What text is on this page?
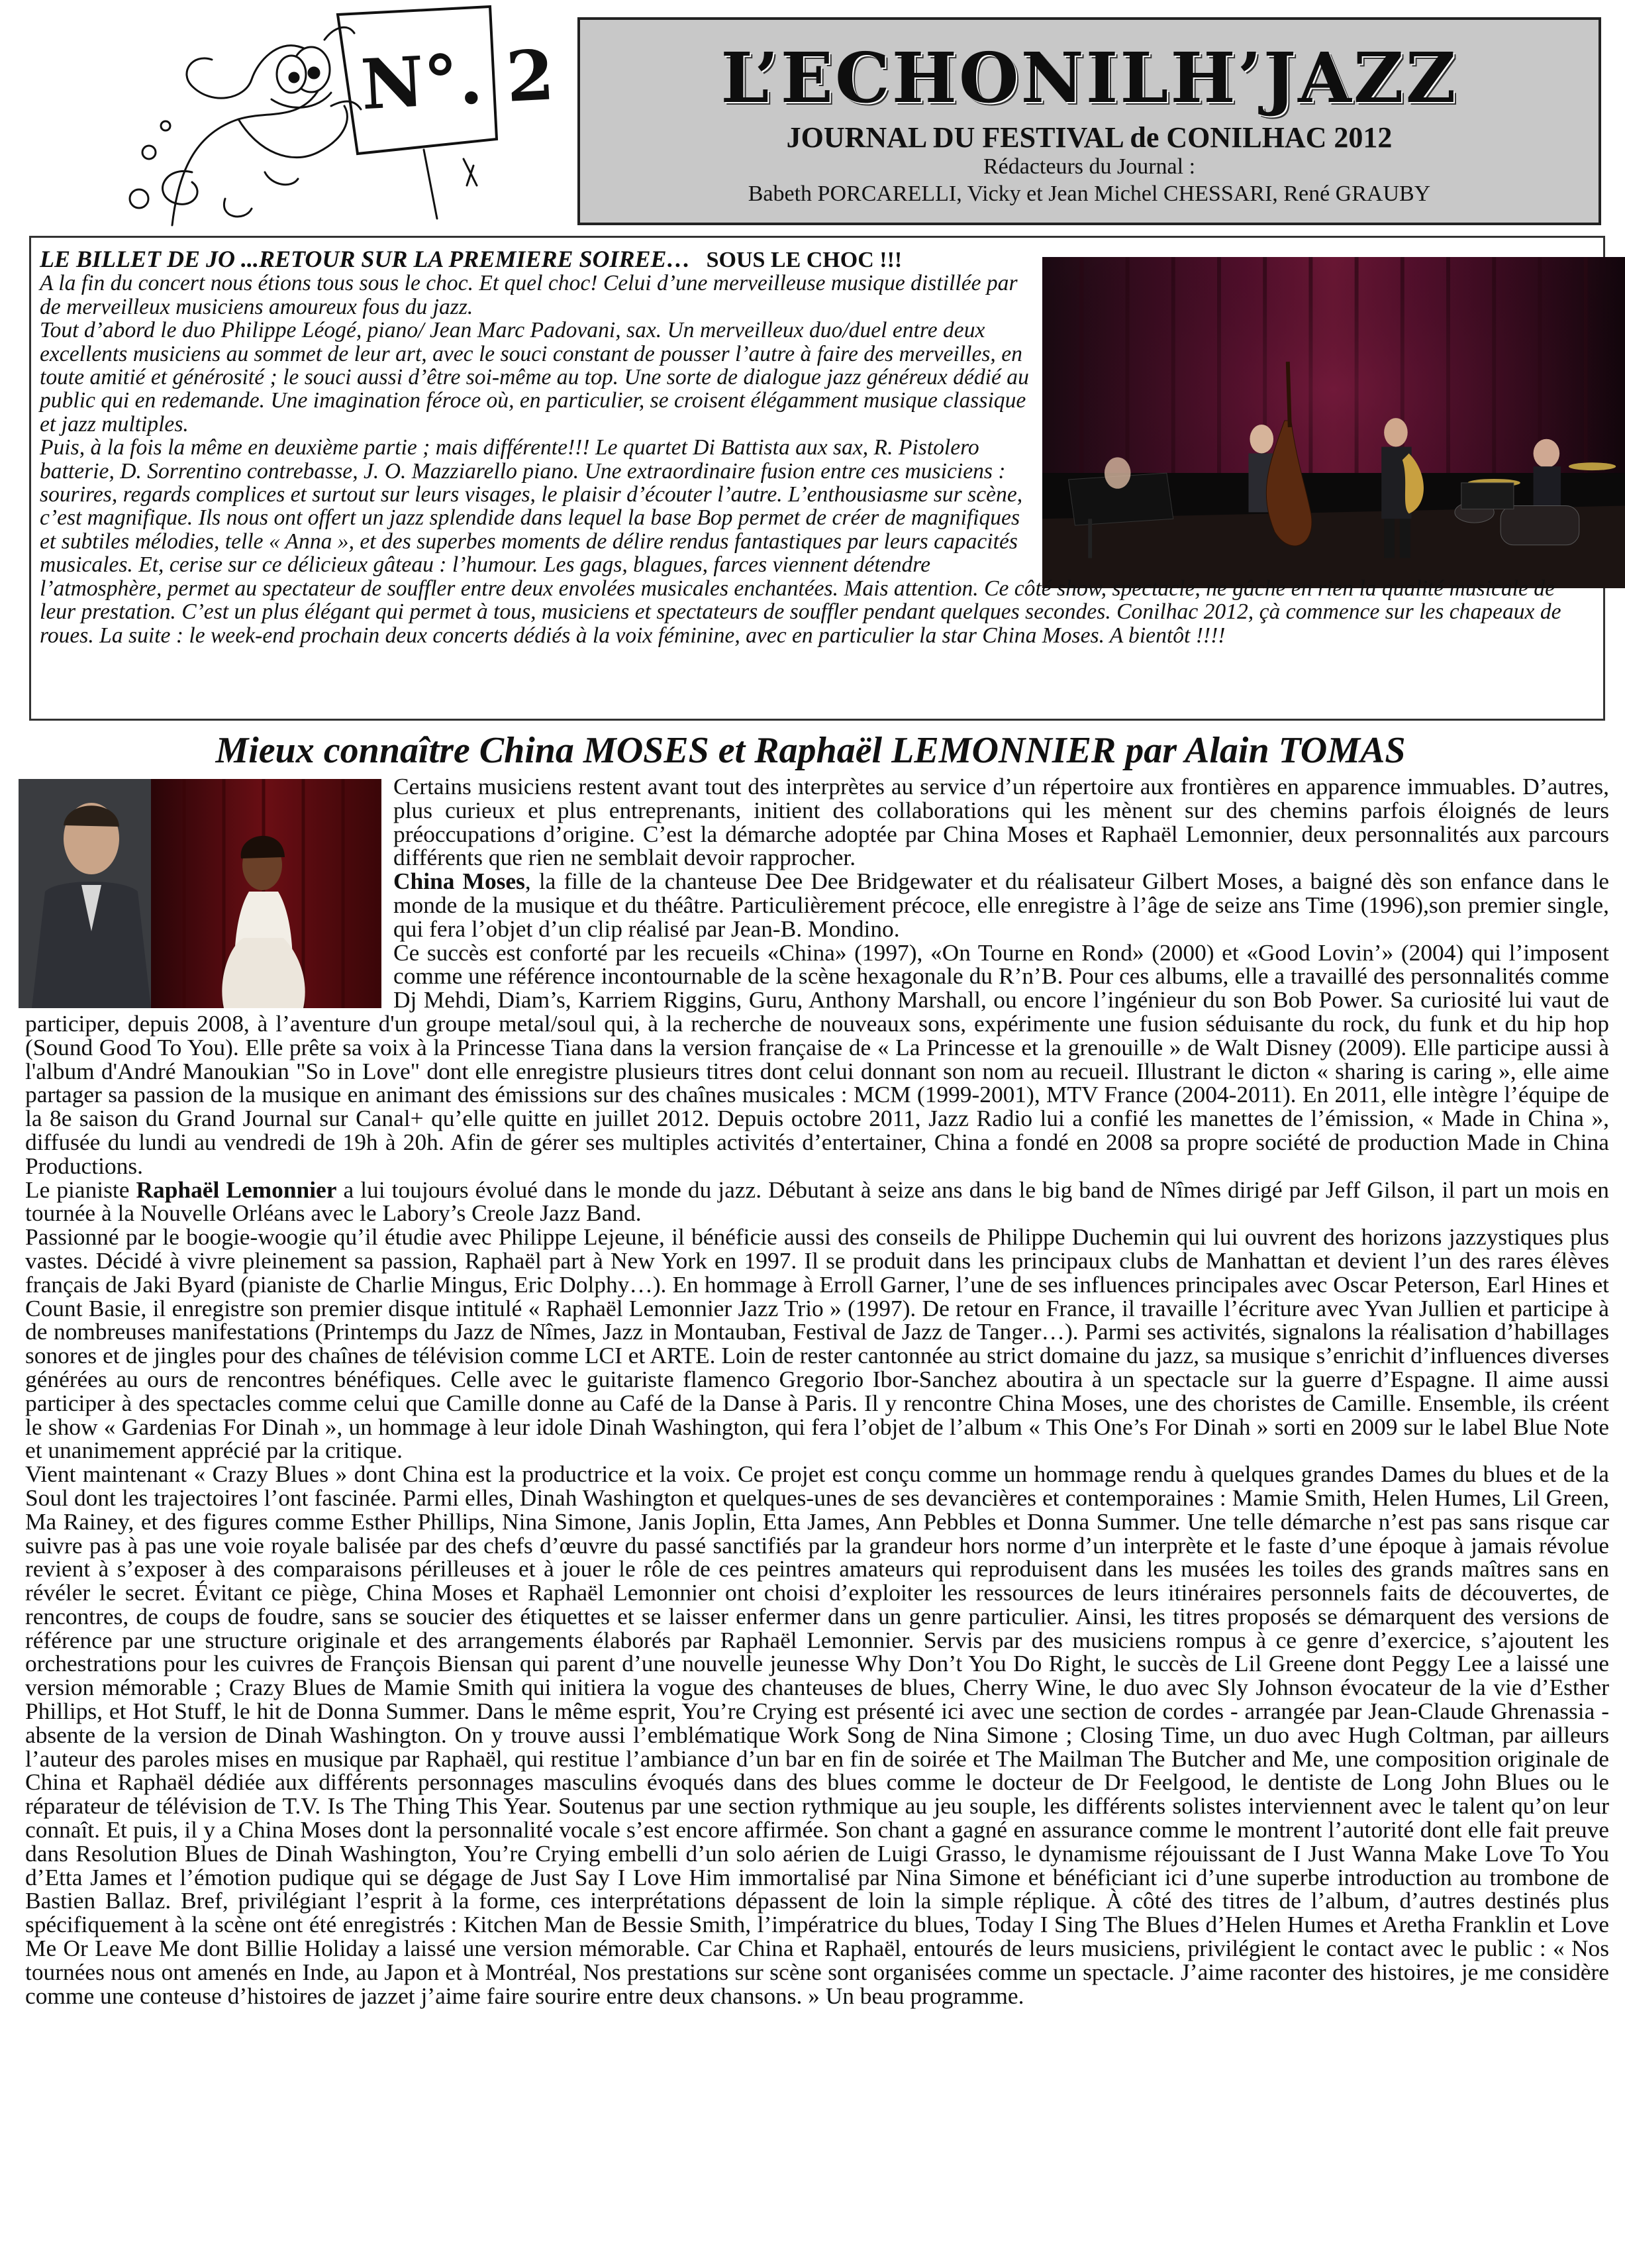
N°. 2	L’ECHONILH’JAZZ
JOURNAL DU FESTIVAL de CONILHAC 2012
Rédacteurs du Journal :
Babeth PORCARELLI, Vicky et Jean Michel CHESSARI, René GRAUBY

LE BILLET DE JO ...RETOUR SUR LA PREMIERE SOIREE… SOUS LE CHOC !!!

A la fin du concert nous étions tous sous le choc. Et quel choc! Celui d’une merveilleuse musique distillée par de merveilleux musiciens amoureux fous du jazz.

Tout d’abord le duo Philippe Léogé, piano/ Jean Marc Padovani, sax. Un merveilleux duo/duel entre deux excellents musiciens au sommet de leur art, avec le souci constant de pousser l’autre à faire des merveilles, en toute amitié et générosité ; le souci aussi d’être soi-même au top. Une sorte de dialogue jazz généreux dédié au public qui en redemande. Une imagination féroce où, en particulier, se croisent élégamment musique classique et jazz multiples.

Puis, à la fois la même en deuxième partie ; mais différente!!! Le quartet Di Battista aux sax, R. Pistolero batterie, D. Sorrentino contrebasse, J. O. Mazziarello piano. Une extraordinaire fusion entre ces musiciens : sourires, regards complices et surtout sur leurs visages, le plaisir d’écouter l’autre. L’enthousiasme sur scène, c’est magnifique. Ils nous ont offert un jazz splendide dans lequel la base Bop permet de créer de magnifiques et subtiles mélodies, telle « Anna », et des superbes moments de délire rendus fantastiques par leurs capacités musicales. Et, cerise sur ce délicieux gâteau : l’humour. Les gags, blagues, farces viennent détendre l’atmosphère, permet au spectateur de souffler entre deux envolées musicales enchantées. Mais attention. Ce côté show, spectacle, ne gâche en rien la qualité musicale de leur prestation. C’est un plus élégant qui permet à tous, musiciens et spectateurs de souffler pendant quelques secondes. Conilhac 2012, çà commence sur les chapeaux de roues. La suite : le week-end prochain deux concerts dédiés à la voix féminine, avec en particulier la star China Moses. A bientôt !!!!

Mieux connaître China MOSES et Raphaël LEMONNIER par Alain TOMAS

Certains musiciens restent avant tout des interprètes au service d’un répertoire aux frontières en apparence immuables. D’autres, plus curieux et plus entreprenants, initient des collaborations qui les mènent sur des chemins parfois éloignés de leurs préoccupations d’origine. C’est la démarche adoptée par China Moses et Raphaël Lemonnier, deux personnalités aux parcours différents que rien ne semblait devoir rapprocher.

China Moses, la fille de la chanteuse Dee Dee Bridgewater et du réalisateur Gilbert Moses, a baigné dès son enfance dans le monde de la musique et du théâtre. Particulièrement précoce, elle enregistre à l’âge de seize ans Time (1996),son premier single, qui fera l’objet d’un clip réalisé par Jean-B. Mondino.

Ce succès est conforté par les recueils «China» (1997), «On Tourne en Rond» (2000) et «Good Lovin’» (2004) qui l’imposent comme une référence incontournable de la scène hexagonale du R’n’B. Pour ces albums, elle a travaillé des personnalités comme Dj Mehdi, Diam’s, Karriem Riggins, Guru, Anthony Marshall, ou encore l’ingénieur du son Bob Power. Sa curiosité lui vaut de participer, depuis 2008, à l’aventure d'un groupe metal/soul qui, à la recherche de nouveaux sons, expérimente une fusion séduisante du rock, du funk et du hip hop (Sound Good To You). Elle prête sa voix à la Princesse Tiana dans la version française de « La Princesse et la grenouille » de Walt Disney (2009). Elle participe aussi à l'album d'André Manoukian "So in Love" dont elle enregistre plusieurs titres dont celui donnant son nom au recueil. Illustrant le dicton « sharing is caring », elle aime partager sa passion de la musique en animant des émissions sur des chaînes musicales : MCM (1999-2001), MTV France (2004-2011). En 2011, elle intègre l’équipe de la 8e saison du Grand Journal sur Canal+ qu’elle quitte en juillet 2012. Depuis octobre 2011, Jazz Radio lui a confié les manettes de l’émission, « Made in China », diffusée du lundi au vendredi de 19h à 20h. Afin de gérer ses multiples activités d’entertainer, China a fondé en 2008 sa propre société de production Made in China Productions.

Le pianiste Raphaël Lemonnier a lui toujours évolué dans le monde du jazz. Débutant à seize ans dans le big band de Nîmes dirigé par Jeff Gilson, il part un mois en tournée à la Nouvelle Orléans avec le Labory’s Creole Jazz Band.

Passionné par le boogie-woogie qu’il étudie avec Philippe Lejeune, il bénéficie aussi des conseils de Philippe Duchemin qui lui ouvrent des horizons jazzystiques plus vastes. Décidé à vivre pleinement sa passion, Raphaël part à New York en 1997. Il se produit dans les principaux clubs de Manhattan et devient l’un des rares élèves français de Jaki Byard (pianiste de Charlie Mingus, Eric Dolphy…). En hommage à Erroll Garner, l’une de ses influences principales avec Oscar Peterson, Earl Hines et Count Basie, il enregistre son premier disque intitulé « Raphaël Lemonnier Jazz Trio » (1997). De retour en France, il travaille l’écriture avec Yvan Jullien et participe à de nombreuses manifestations (Printemps du Jazz de Nîmes, Jazz in Montauban, Festival de Jazz de Tanger…). Parmi ses activités, signalons la réalisation d’habillages sonores et de jingles pour des chaînes de télévision comme LCI et ARTE. Loin de rester cantonnée au strict domaine du jazz, sa musique s’enrichit d’influences diverses générées au ours de rencontres bénéfiques. Celle avec le guitariste flamenco Gregorio Ibor-Sanchez aboutira à un spectacle sur la guerre d’Espagne. Il aime aussi participer à des spectacles comme celui que Camille donne au Café de la Danse à Paris. Il y rencontre China Moses, une des choristes de Camille. Ensemble, ils créent le show « Gardenias For Dinah », un hommage à leur idole Dinah Washington, qui fera l’objet de l’album « This One’s For Dinah » sorti en 2009 sur le label Blue Note et unanimement apprécié par la critique.

Vient maintenant « Crazy Blues » dont China est la productrice et la voix. Ce projet est conçu comme un hommage rendu à quelques grandes Dames du blues et de la Soul dont les trajectoires l’ont fascinée. Parmi elles, Dinah Washington et quelques-unes de ses devancières et contemporaines : Mamie Smith, Helen Humes, Lil Green, Ma Rainey, et des figures comme Esther Phillips, Nina Simone, Janis Joplin, Etta James, Ann Pebbles et Donna Summer. Une telle démarche n’est pas sans risque car suivre pas à pas une voie royale balisée par des chefs d’œuvre du passé sanctifiés par la grandeur hors norme d’un interprète et le faste d’une époque à jamais révolue revient à s’exposer à des comparaisons périlleuses et à jouer le rôle de ces peintres amateurs qui reproduisent dans les musées les toiles des grands maîtres sans en révéler le secret. Évitant ce piège, China Moses et Raphaël Lemonnier ont choisi d’exploiter les ressources de leurs itinéraires personnels faits de découvertes, de rencontres, de coups de foudre, sans se soucier des étiquettes et se laisser enfermer dans un genre particulier. Ainsi, les titres proposés se démarquent des versions de référence par une structure originale et des arrangements élaborés par Raphaël Lemonnier. Servis par des musiciens rompus à ce genre d’exercice, s’ajoutent les orchestrations pour les cuivres de François Biensan qui parent d’une nouvelle jeunesse Why Don’t You Do Right, le succès de Lil Greene dont Peggy Lee a laissé une version mémorable ; Crazy Blues de Mamie Smith qui initiera la vogue des chanteuses de blues, Cherry Wine, le duo avec Sly Johnson évocateur de la vie d’Esther Phillips, et Hot Stuff, le hit de Donna Summer. Dans le même esprit, You’re Crying est présenté ici avec une section de cordes - arrangée par Jean-Claude Ghrenassia - absente de la version de Dinah Washington. On y trouve aussi l’emblématique Work Song de Nina Simone ; Closing Time, un duo avec Hugh Coltman, par ailleurs l’auteur des paroles mises en musique par Raphaël, qui restitue l’ambiance d’un bar en fin de soirée et The Mailman The Butcher and Me, une composition originale de China et Raphaël dédiée aux différents personnages masculins évoqués dans des blues comme le docteur de Dr Feelgood, le dentiste de Long John Blues ou le réparateur de télévision de T.V. Is The Thing This Year. Soutenus par une section rythmique au jeu souple, les différents solistes interviennent avec le talent qu’on leur connaît. Et puis, il y a China Moses dont la personnalité vocale s’est encore affirmée. Son chant a gagné en assurance comme le montrent l’autorité dont elle fait preuve dans Resolution Blues de Dinah Washington, You’re Crying embelli d’un solo aérien de Luigi Grasso, le dynamisme réjouissant de I Just Wanna Make Love To You d’Etta James et l’émotion pudique qui se dégage de Just Say I Love Him immortalisé par Nina Simone et bénéficiant ici d’une superbe introduction au trombone de Bastien Ballaz. Bref, privilégiant l’esprit à la forme, ces interprétations dépassent de loin la simple réplique. À côté des titres de l’album, d’autres destinés plus spécifiquement à la scène ont été enregistrés : Kitchen Man de Bessie Smith, l’impératrice du blues, Today I Sing The Blues d’Helen Humes et Aretha Franklin et Love Me Or Leave Me dont Billie Holiday a laissé une version mémorable. Car China et Raphaël, entourés de leurs musiciens, privilégient le contact avec le public : « Nos tournées nous ont amenés en Inde, au Japon et à Montréal, Nos prestations sur scène sont organisées comme un spectacle. J’aime raconter des histoires, je me considère comme une conteuse d’histoires de jazzet j’aime faire sourire entre deux chansons. » Un beau programme.
